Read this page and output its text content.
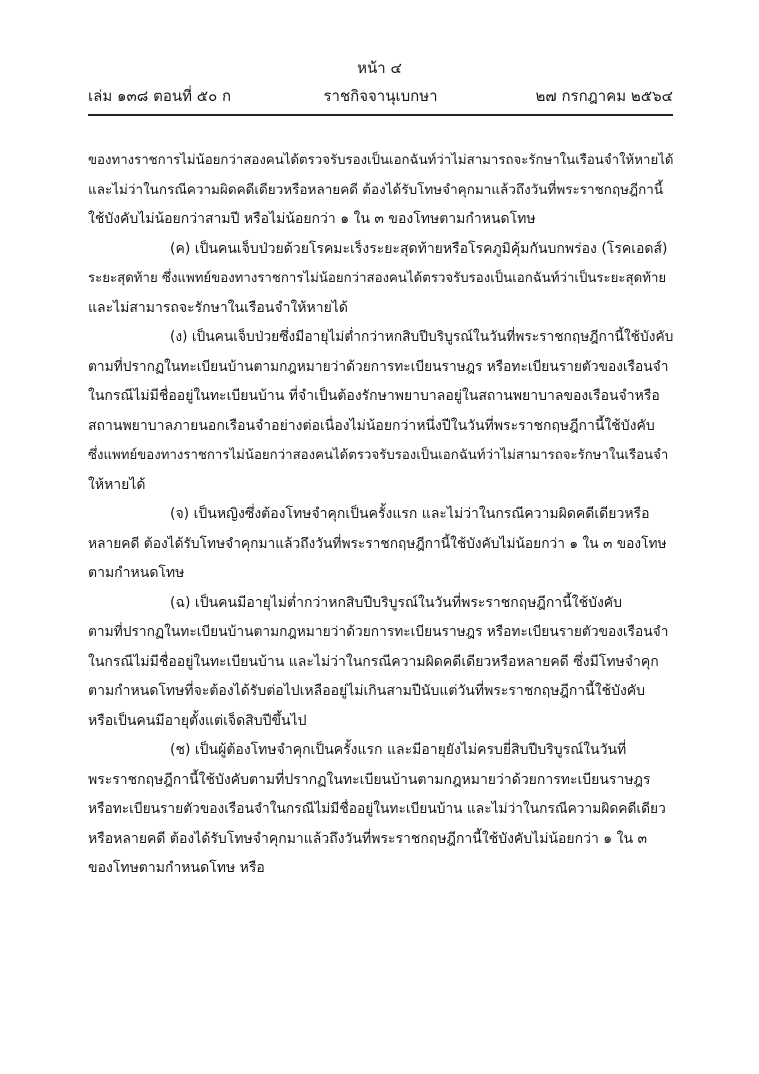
หน้า ๔
เล่ม ๑๓๘ ตอนที่ ๕๐ ก	ราชกิจจานุเบกษา	๒๗ กรกฎาคม ๒๕๖๔
ของทางราชการไม่น้อยกว่าสองคนได้ตรวจรับรองเป็นเอกฉันท์ว่าไม่สามารถจะรักษาในเรือนจำให้หายได้
และไม่ว่าในกรณีความผิดคดีเดียวหรือหลายคดี ต้องได้รับโทษจำคุกมาแล้วถึงวันที่พระราชกฤษฎีกานี้
ใช้บังคับไม่น้อยกว่าสามปี หรือไม่น้อยกว่า ๑ ใน ๓ ของโทษตามกำหนดโทษ
(ค) เป็นคนเจ็บป่วยด้วยโรคมะเร็งระยะสุดท้ายหรือโรคภูมิคุ้มกันบกพร่อง (โรคเอดส์)
ระยะสุดท้าย ซึ่งแพทย์ของทางราชการไม่น้อยกว่าสองคนได้ตรวจรับรองเป็นเอกฉันท์ว่าเป็นระยะสุดท้าย
และไม่สามารถจะรักษาในเรือนจำให้หายได้
(ง) เป็นคนเจ็บป่วยซึ่งมีอายุไม่ต่ำกว่าหกสิบปีบริบูรณ์ในวันที่พระราชกฤษฎีกานี้ใช้บังคับ
ตามที่ปรากฏในทะเบียนบ้านตามกฎหมายว่าด้วยการทะเบียนราษฎร หรือทะเบียนรายตัวของเรือนจำ
ในกรณีไม่มีชื่ออยู่ในทะเบียนบ้าน ที่จำเป็นต้องรักษาพยาบาลอยู่ในสถานพยาบาลของเรือนจำหรือ
สถานพยาบาลภายนอกเรือนจำอย่างต่อเนื่องไม่น้อยกว่าหนึ่งปีในวันที่พระราชกฤษฎีกานี้ใช้บังคับ
ซึ่งแพทย์ของทางราชการไม่น้อยกว่าสองคนได้ตรวจรับรองเป็นเอกฉันท์ว่าไม่สามารถจะรักษาในเรือนจำ
ให้หายได้
(จ) เป็นหญิงซึ่งต้องโทษจำคุกเป็นครั้งแรก และไม่ว่าในกรณีความผิดคดีเดียวหรือ
หลายคดี ต้องได้รับโทษจำคุกมาแล้วถึงวันที่พระราชกฤษฎีกานี้ใช้บังคับไม่น้อยกว่า ๑ ใน ๓ ของโทษ
ตามกำหนดโทษ
(ฉ) เป็นคนมีอายุไม่ต่ำกว่าหกสิบปีบริบูรณ์ในวันที่พระราชกฤษฎีกานี้ใช้บังคับ
ตามที่ปรากฏในทะเบียนบ้านตามกฎหมายว่าด้วยการทะเบียนราษฎร หรือทะเบียนรายตัวของเรือนจำ
ในกรณีไม่มีชื่ออยู่ในทะเบียนบ้าน และไม่ว่าในกรณีความผิดคดีเดียวหรือหลายคดี ซึ่งมีโทษจำคุก
ตามกำหนดโทษที่จะต้องได้รับต่อไปเหลืออยู่ไม่เกินสามปีนับแต่วันที่พระราชกฤษฎีกานี้ใช้บังคับ
หรือเป็นคนมีอายุตั้งแต่เจ็ดสิบปีขึ้นไป
(ช) เป็นผู้ต้องโทษจำคุกเป็นครั้งแรก และมีอายุยังไม่ครบยี่สิบปีบริบูรณ์ในวันที่
พระราชกฤษฎีกานี้ใช้บังคับตามที่ปรากฏในทะเบียนบ้านตามกฎหมายว่าด้วยการทะเบียนราษฎร
หรือทะเบียนรายตัวของเรือนจำในกรณีไม่มีชื่ออยู่ในทะเบียนบ้าน และไม่ว่าในกรณีความผิดคดีเดียว
หรือหลายคดี ต้องได้รับโทษจำคุกมาแล้วถึงวันที่พระราชกฤษฎีกานี้ใช้บังคับไม่น้อยกว่า ๑ ใน ๓
ของโทษตามกำหนดโทษ หรือ
